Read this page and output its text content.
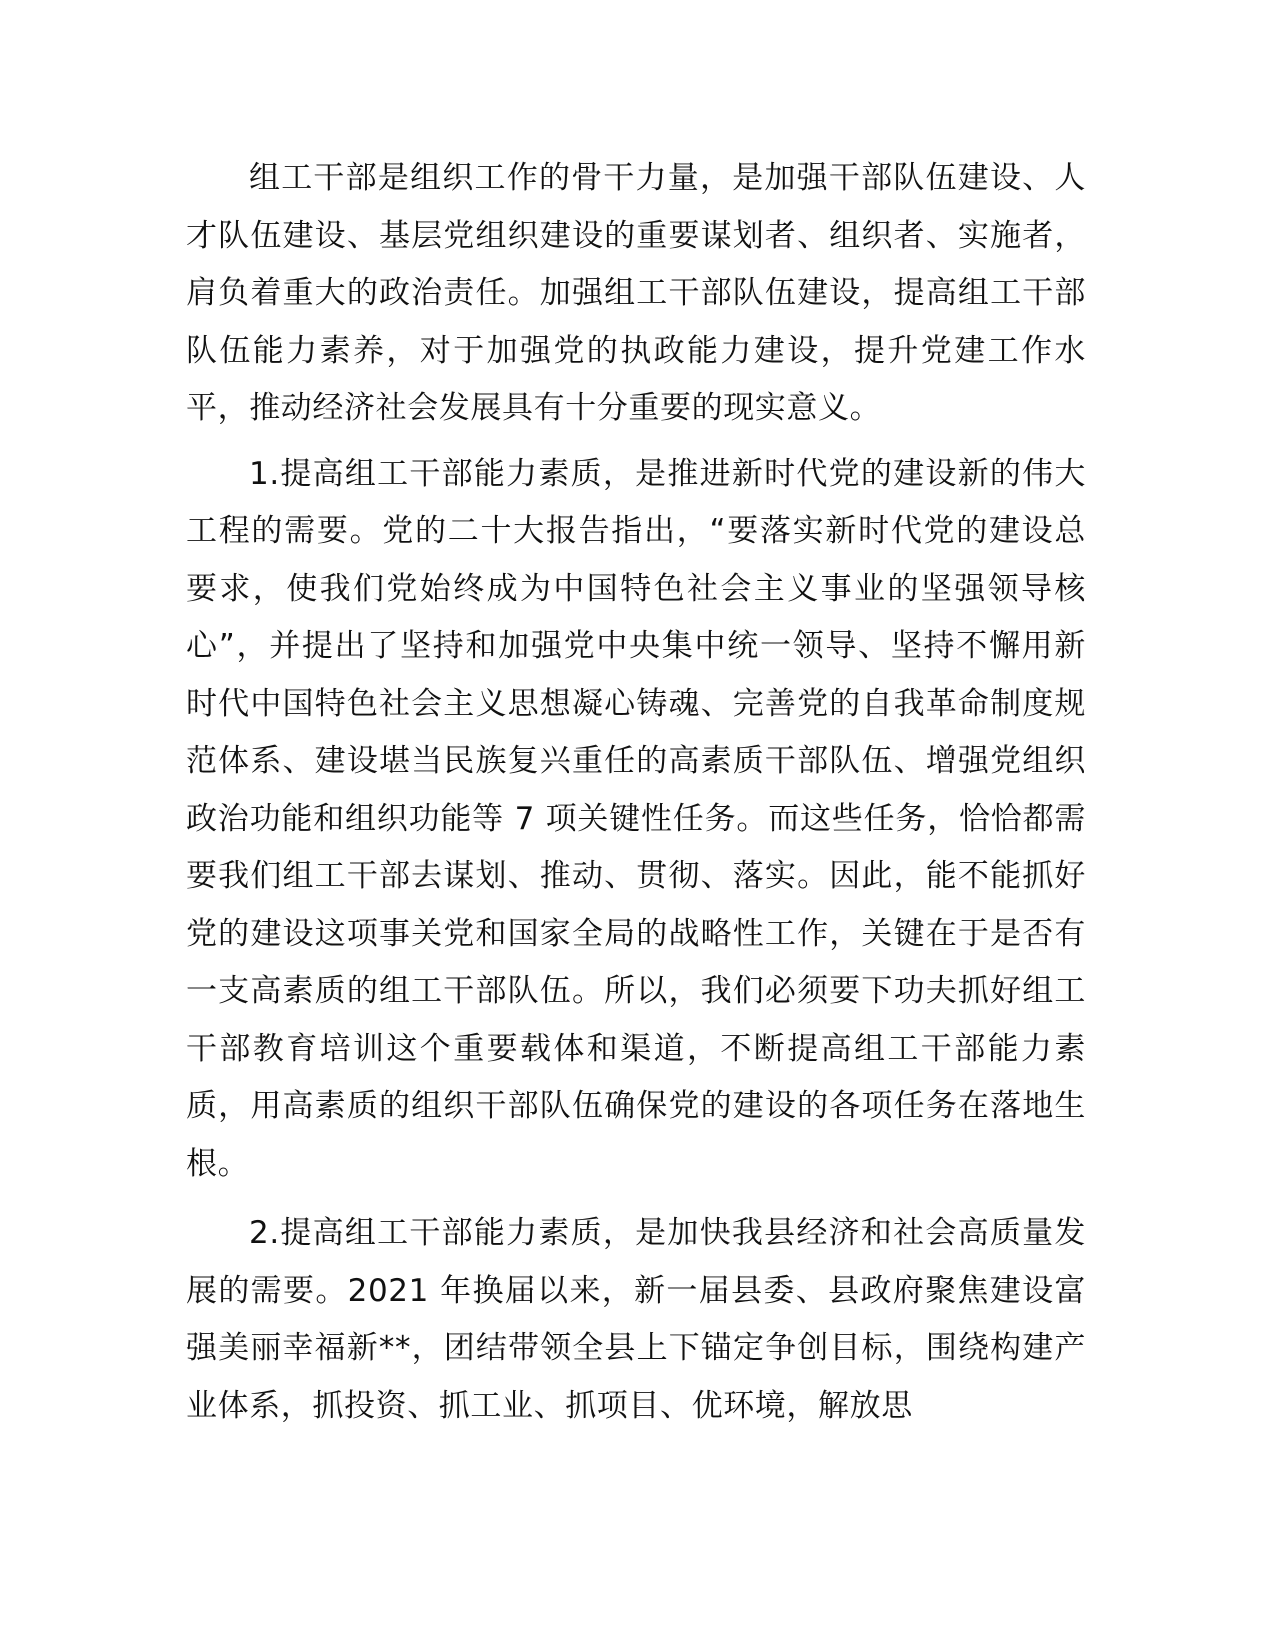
组工干部是组织工作的骨干力量，是加强干部队伍建设、人才队伍建设、基层党组织建设的重要谋划者、组织者、实施者，肩负着重大的政治责任。加强组工干部队伍建设，提高组工干部队伍能力素养，对于加强党的执政能力建设，提升党建工作水平，推动经济社会发展具有十分重要的现实意义。

1.提高组工干部能力素质，是推进新时代党的建设新的伟大工程的需要。党的二十大报告指出，“要落实新时代党的建设总要求，使我们党始终成为中国特色社会主义事业的坚强领导核心”，并提出了坚持和加强党中央集中统一领导、坚持不懈用新时代中国特色社会主义思想凝心铸魂、完善党的自我革命制度规范体系、建设堪当民族复兴重任的高素质干部队伍、增强党组织政治功能和组织功能等 7 项关键性任务。而这些任务，恰恰都需要我们组工干部去谋划、推动、贯彻、落实。因此，能不能抓好党的建设这项事关党和国家全局的战略性工作，关键在于是否有一支高素质的组工干部队伍。所以，我们必须要下功夫抓好组工干部教育培训这个重要载体和渠道，不断提高组工干部能力素质，用高素质的组织干部队伍确保党的建设的各项任务在落地生根。

2.提高组工干部能力素质，是加快我县经济和社会高质量发展的需要。2021 年换届以来，新一届县委、县政府聚焦建设富强美丽幸福新**，团结带领全县上下锚定争创目标，围绕构建产业体系，抓投资、抓工业、抓项目、优环境，解放思
